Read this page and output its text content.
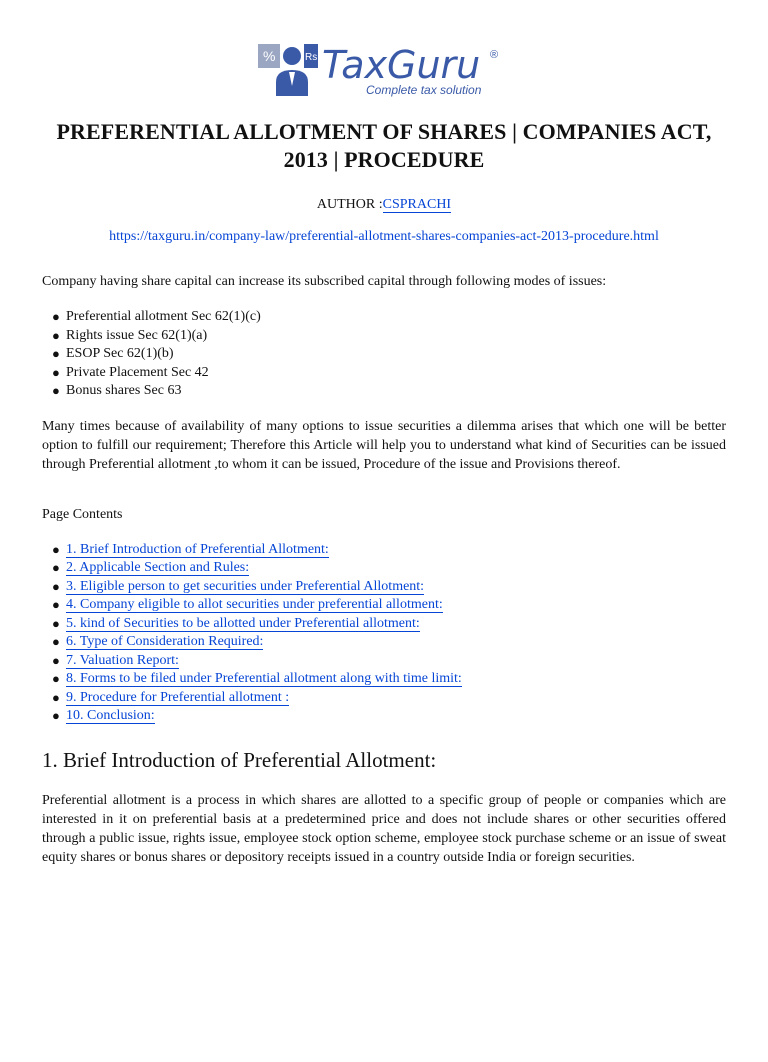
%	Rs TaxGuru ®
Complete tax solution
PREFERENTIAL ALLOTMENT OF SHARES | COMPANIES ACT, 2013 | PROCEDURE
AUTHOR :CSPRACHI
https://taxguru.in/company-law/preferential-allotment-shares-companies-act-2013-procedure.html

Company having share capital can increase its subscribed capital through following modes of issues:

● Preferential allotment Sec 62(1)(c)
● Rights issue Sec 62(1)(a)
● ESOP Sec 62(1)(b)
● Private Placement Sec 42
● Bonus shares Sec 63

Many times because of availability of many options to issue securities a dilemma arises that which one will be better option to fulfill our requirement; Therefore this Article will help you to understand what kind of Securities can be issued through Preferential allotment ,to whom it can be issued, Procedure of the issue and Provisions thereof.

Page Contents

● 1. Brief Introduction of Preferential Allotment:
● 2. Applicable Section and Rules:
● 3. Eligible person to get securities under Preferential Allotment:
● 4. Company eligible to allot securities under preferential allotment:
● 5. kind of Securities to be allotted under Preferential allotment:
● 6. Type of Consideration Required:
● 7. Valuation Report:
● 8. Forms to be filed under Preferential allotment along with time limit:
● 9. Procedure for Preferential allotment :
● 10. Conclusion:
1. Brief Introduction of Preferential Allotment:

Preferential allotment is a process in which shares are allotted to a specific group of people or companies which are interested in it on preferential basis at a predetermined price and does not include shares or other securities offered through a public issue, rights issue, employee stock option scheme, employee stock purchase scheme or an issue of sweat equity shares or bonus shares or depository receipts issued in a country outside India or foreign securities.
